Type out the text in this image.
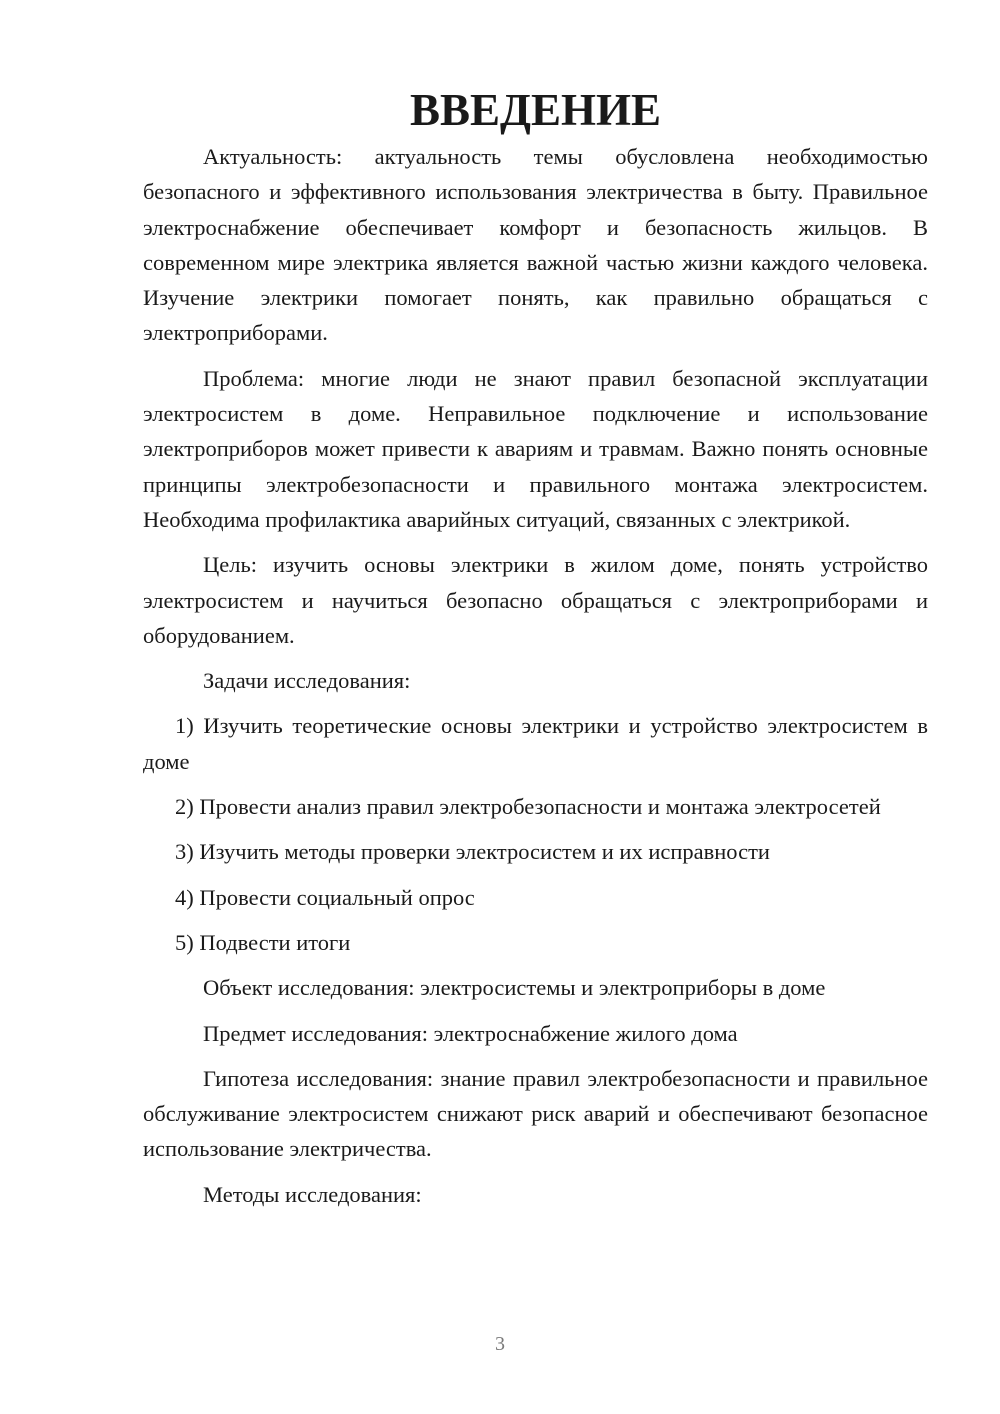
ВВЕДЕНИЕ

Актуальность: актуальность темы обусловлена необходимостью безопасного и эффективного использования электричества в быту. Правильное электроснабжение обеспечивает комфорт и безопасность жильцов. В современном мире электрика является важной частью жизни каждого человека. Изучение электрики помогает понять, как правильно обращаться с электроприборами.

Проблема: многие люди не знают правил безопасной эксплуатации электросистем в доме. Неправильное подключение и использование электроприборов может привести к авариям и травмам. Важно понять основные принципы электробезопасности и правильного монтажа электросистем. Необходима профилактика аварийных ситуаций, связанных с электрикой.

Цель: изучить основы электрики в жилом доме, понять устройство электросистем и научиться безопасно обращаться с электроприборами и оборудованием.

Задачи исследования:

1) Изучить теоретические основы электрики и устройство электросистем в доме

2) Провести анализ правил электробезопасности и монтажа электросетей

3) Изучить методы проверки электросистем и их исправности

4) Провести социальный опрос

5) Подвести итоги

Объект исследования: электросистемы и электроприборы в доме

Предмет исследования: электроснабжение жилого дома

Гипотеза исследования: знание правил электробезопасности и правильное обслуживание электросистем снижают риск аварий и обеспечивают безопасное использование электричества.

Методы исследования:

3
